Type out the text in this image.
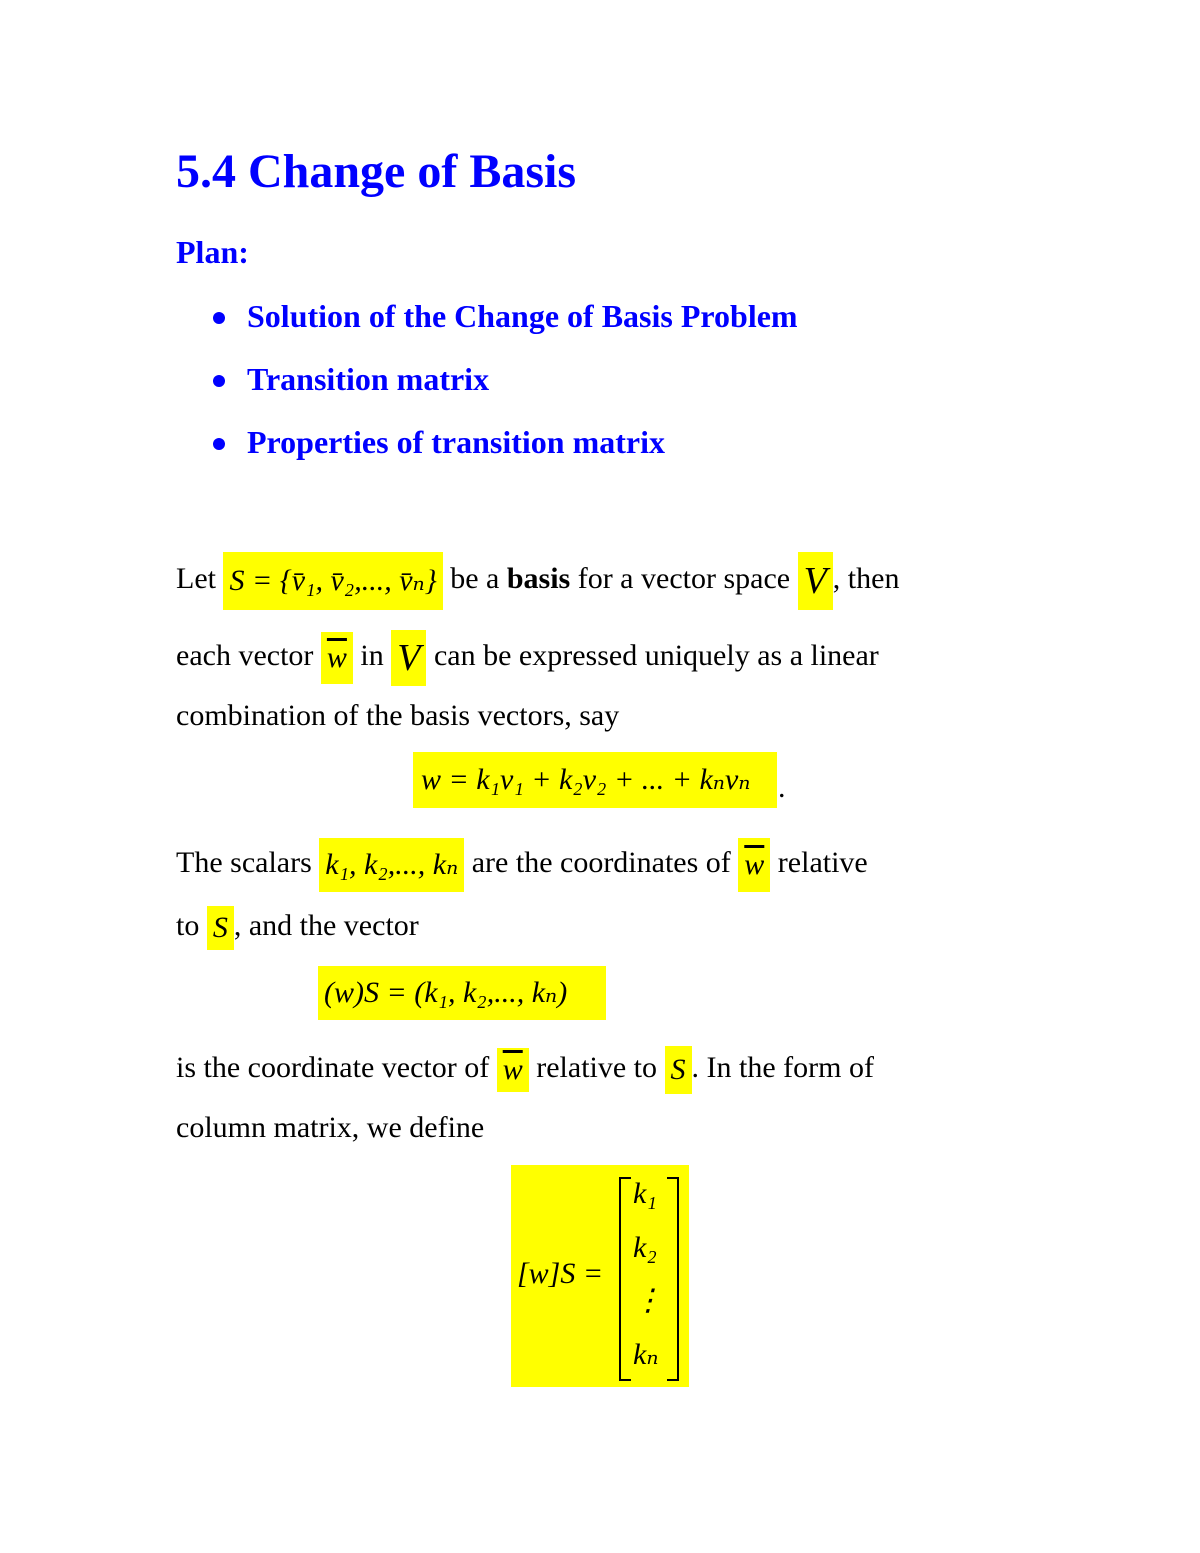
5.4 Change of Basis
Plan:
Solution of the Change of Basis Problem
Transition matrix
Properties of transition matrix
Let S = {v̄₁, v̄₂,..., v̄ₙ} be a basis for a vector space V , then
each vector $\overline{w}$ in V can be expressed uniquely as a linear
combination of the basis vectors, say
w = k₁v₁ + k₂v₂ + ... + kₙvₙ .
The scalars k₁, k₂,..., kₙ are the coordinates of $\overline{w}$ relative
to S , and the vector
(w)S = (k₁, k₂,..., kₙ)
is the coordinate vector of $\overline{w}$ relative to S . In the form of
column matrix, we define
[w]S =
k₁
k₂
⋮
kₙ
